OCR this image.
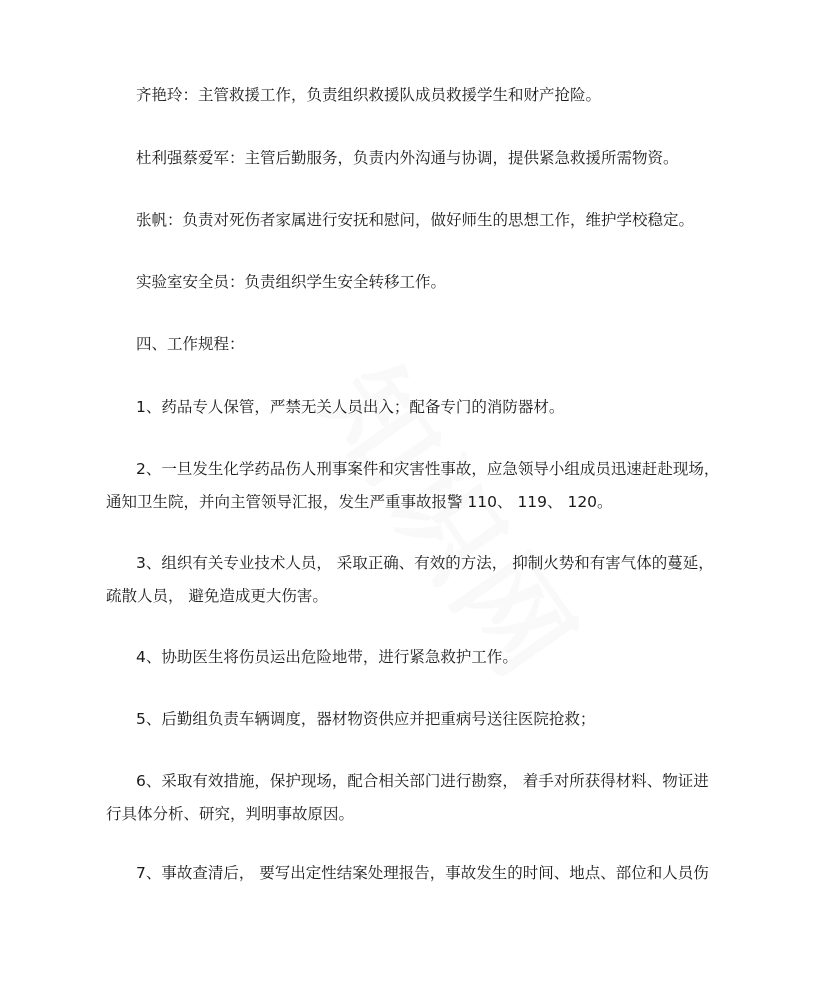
齐艳玲：主管救援工作，负责组织救援队成员救援学生和财产抢险。

杜利强蔡爱军：主管后勤服务，负责内外沟通与协调，提供紧急救援所需物资。

张帆：负责对死伤者家属进行安抚和慰问，做好师生的思想工作，维护学校稳定。

实验室安全员：负责组织学生安全转移工作。

四、工作规程：

1、药品专人保管，严禁无关人员出入；配备专门的消防器材。

2、一旦发生化学药品伤人刑事案件和灾害性事故，应急领导小组成员迅速赶赴现场，
通知卫生院，并向主管领导汇报，发生严重事故报警 110、 119、 120。
3、组织有关专业技术人员， 采取正确、有效的方法， 抑制火势和有害气体的蔓延，
疏散人员， 避免造成更大伤害。

4、协助医生将伤员运出危险地带，进行紧急救护工作。

5、后勤组负责车辆调度，器材物资供应并把重病号送往医院抢救；

6、采取有效措施，保护现场，配合相关部门进行勘察， 着手对所获得材料、物证进
行具体分析、研究，判明事故原因。

7、事故查清后， 要写出定性结案处理报告，事故发生的时间、地点、部位和人员伤
